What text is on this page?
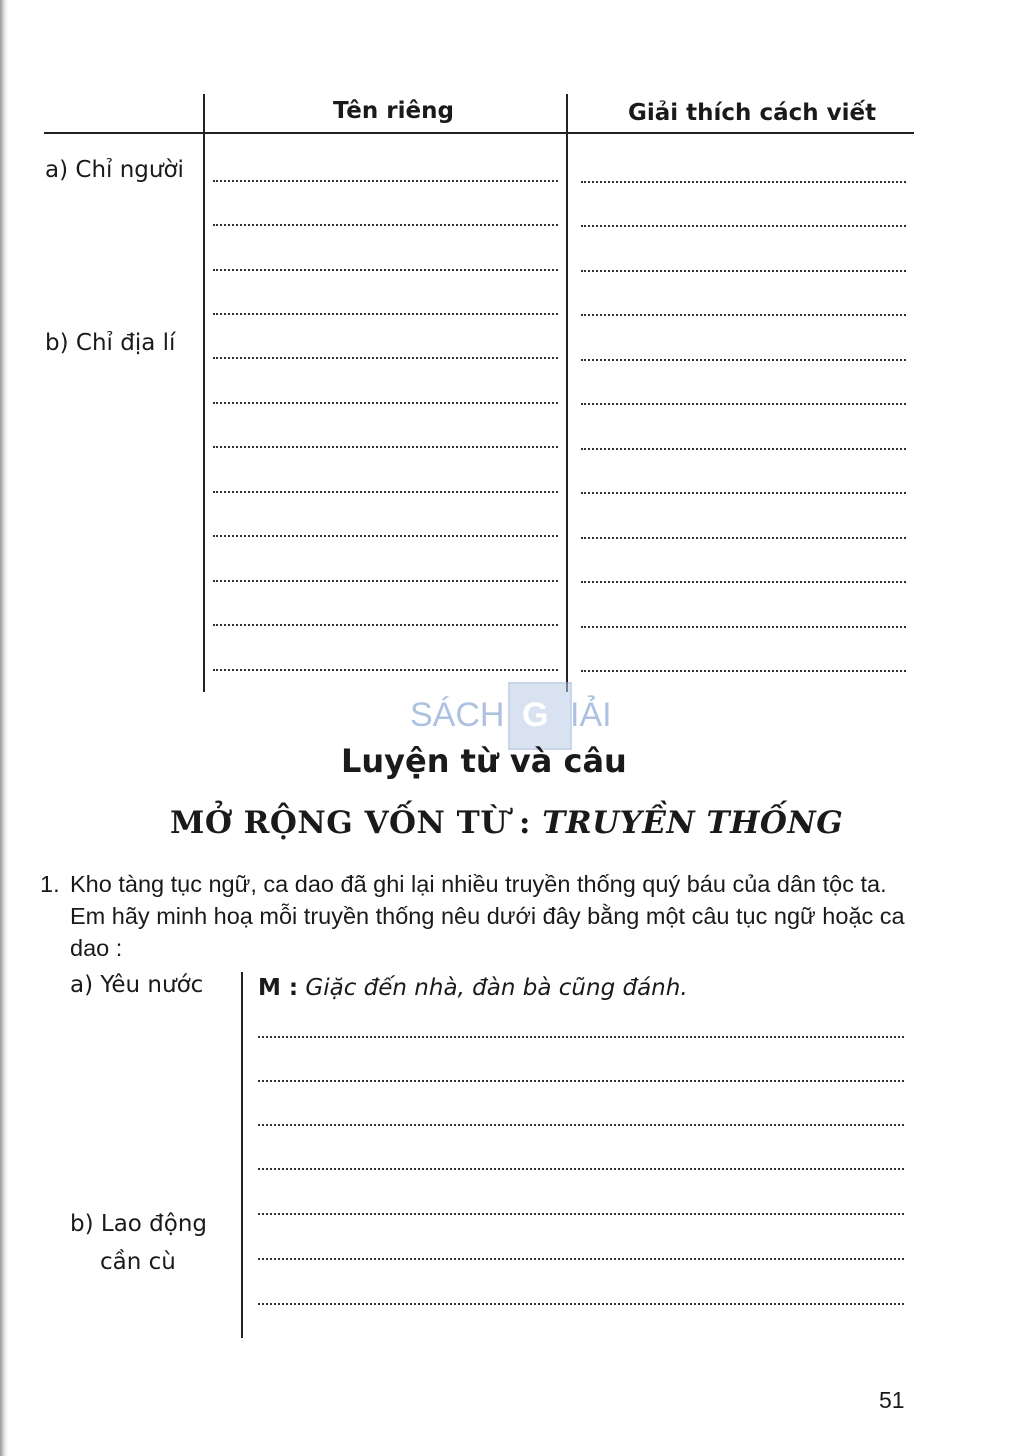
Tên riêng	Giải thích cách viết
a) Chỉ người
b) Chỉ địa lí
SÁCH G IẢI
Luyện từ và câu
MỞ RỘNG VỐN TỪ : TRUYỀN THỐNG
1. Kho tàng tục ngữ, ca dao đã ghi lại nhiều truyền thống quý báu của dân tộc ta. Em hãy minh hoạ mỗi truyền thống nêu dưới đây bằng một câu tục ngữ hoặc ca dao :
a) Yêu nước
b) Lao động
cần cù
M : Giặc đến nhà, đàn bà cũng đánh.
51
